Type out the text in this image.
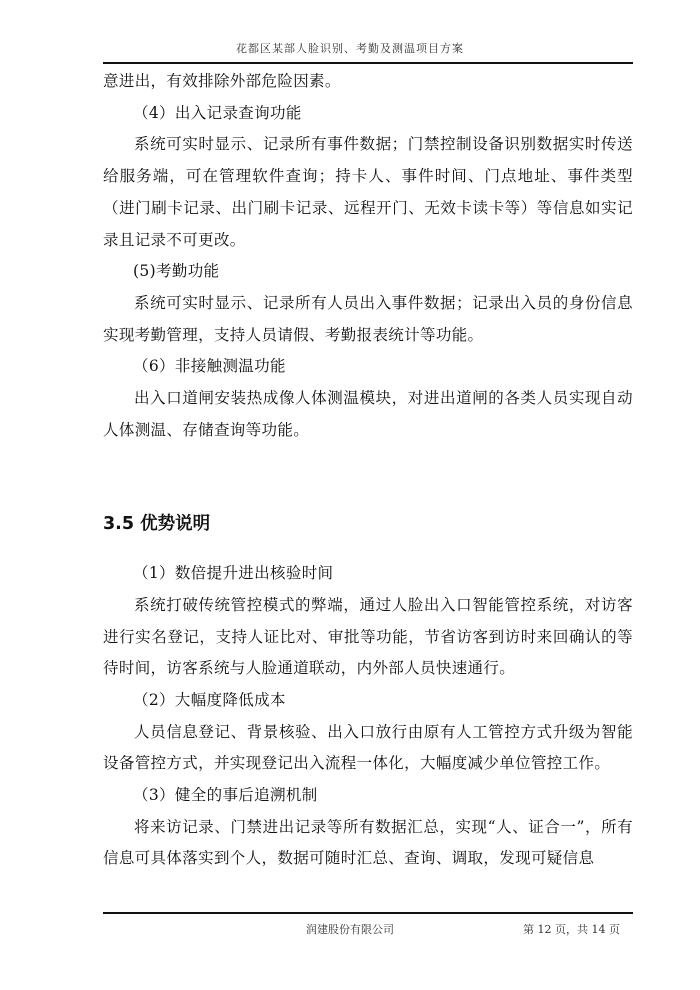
花都区某部人脸识别、考勤及测温项目方案

意进出，有效排除外部危险因素。

（4）出入记录查询功能

系统可实时显示、记录所有事件数据；门禁控制设备识别数据实时传送给服务端，可在管理软件查询；持卡人、事件时间、门点地址、事件类型（进门刷卡记录、出门刷卡记录、远程开门、无效卡读卡等）等信息如实记录且记录不可更改。

(5)考勤功能

系统可实时显示、记录所有人员出入事件数据；记录出入员的身份信息实现考勤管理，支持人员请假、考勤报表统计等功能。

（6）非接触测温功能

出入口道闸安装热成像人体测温模块，对进出道闸的各类人员实现自动人体测温、存储查询等功能。

3.5 优势说明

（1）数倍提升进出核验时间

系统打破传统管控模式的弊端，通过人脸出入口智能管控系统，对访客进行实名登记，支持人证比对、审批等功能，节省访客到访时来回确认的等待时间，访客系统与人脸通道联动，内外部人员快速通行。

（2）大幅度降低成本

人员信息登记、背景核验、出入口放行由原有人工管控方式升级为智能设备管控方式，并实现登记出入流程一体化，大幅度减少单位管控工作。

（3）健全的事后追溯机制

将来访记录、门禁进出记录等所有数据汇总，实现“人、证合一”，所有信息可具体落实到个人，数据可随时汇总、查询、调取，发现可疑信息

润建股份有限公司	第 12 页，共 14 页
